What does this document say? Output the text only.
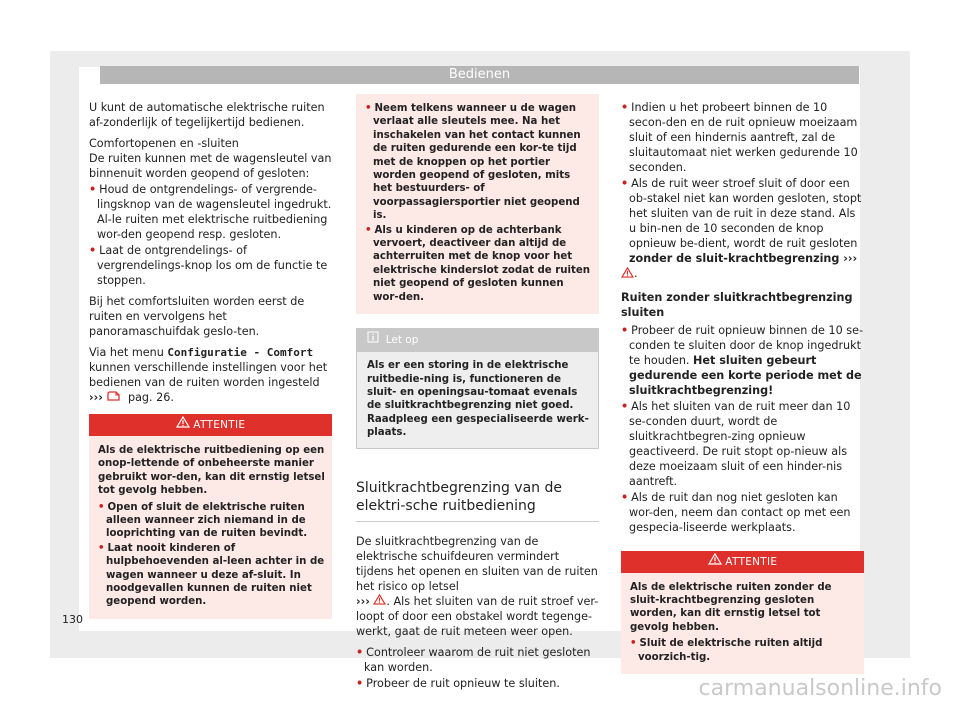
Bedienen

U kunt de automatische elektrische ruiten af-zonderlijk of tegelijkertijd bedienen.

Comfortopenen en -sluiten

De ruiten kunnen met de wagensleutel van binnenuit worden geopend of gesloten:

• Houd de ontgrendelings- of vergrende-lingsknop van de wagensleutel ingedrukt. Al-le ruiten met elektrische ruitbediening wor-den geopend resp. gesloten.

• Laat de ontgrendelings- of vergrendelings-knop los om de functie te stoppen.

Bij het comfortsluiten worden eerst de ruiten en vervolgens het panoramaschuifdak geslo-ten.

Via het menu Configuratie - Comfort kunnen verschillende instellingen voor het bedienen van de ruiten worden ingesteld
›››  pag. 26.

ATTENTIE

Als de elektrische ruitbediening op een onop-lettende of onbeheerste manier gebruikt wor-den, kan dit ernstig letsel tot gevolg hebben.

• Open of sluit de elektrische ruiten alleen wanneer zich niemand in de looprichting van de ruiten bevindt.

• Laat nooit kinderen of hulpbehoevenden al-leen achter in de wagen wanneer u deze af-sluit. In noodgevallen kunnen de ruiten niet geopend worden.

• Neem telkens wanneer u de wagen verlaat alle sleutels mee. Na het inschakelen van het contact kunnen de ruiten gedurende een kor-te tijd met de knoppen op het portier worden geopend of gesloten, mits het bestuurders- of voorpassagiersportier niet geopend is.

• Als u kinderen op de achterbank vervoert, deactiveer dan altijd de achterruiten met de knop voor het elektrische kinderslot zodat de ruiten niet geopend of gesloten kunnen wor-den.

Let op
Als er een storing in de elektrische ruitbedie-ning is, functioneren de sluit- en openingsau-tomaat evenals de sluitkrachtbegrenzing niet goed. Raadpleeg een gespecialiseerde werk-plaats.
Sluitkrachtbegrenzing van de elektri-sche ruitbediening

De sluitkrachtbegrenzing van de elektrische schuifdeuren vermindert tijdens het openen en sluiten van de ruiten het risico op letsel
››› . Als het sluiten van de ruit stroef ver-loopt of door een obstakel wordt tegenge-werkt, gaat de ruit meteen weer open.

• Controleer waarom de ruit niet gesloten kan worden.

• Probeer de ruit opnieuw te sluiten.

• Indien u het probeert binnen de 10 secon-den en de ruit opnieuw moeizaam sluit of een hindernis aantreft, zal de sluitautomaat niet werken gedurende 10 seconden.

• Als de ruit weer stroef sluit of door een ob-stakel niet kan worden gesloten, stopt het sluiten van de ruit in deze stand. Als u bin-nen de 10 seconden de knop opnieuw be-dient, wordt de ruit gesloten zonder de sluit-krachtbegrenzing ››› .

Ruiten zonder sluitkrachtbegrenzing sluiten

• Probeer de ruit opnieuw binnen de 10 se-conden te sluiten door de knop ingedrukt te houden. Het sluiten gebeurt gedurende een korte periode met de sluitkrachtbegrenzing!

• Als het sluiten van de ruit meer dan 10 se-conden duurt, wordt de sluitkrachtbegren-zing opnieuw geactiveerd. De ruit stopt op-nieuw als deze moeizaam sluit of een hinder-nis aantreft.

• Als de ruit dan nog niet gesloten kan wor-den, neem dan contact op met een gespecia-liseerde werkplaats.

ATTENTIE

Als de elektrische ruiten zonder de sluit-krachtbegrenzing gesloten worden, kan dit ernstig letsel tot gevolg hebben.

• Sluit de elektrische ruiten altijd voorzich-tig.

130
carmanualsonline.info
